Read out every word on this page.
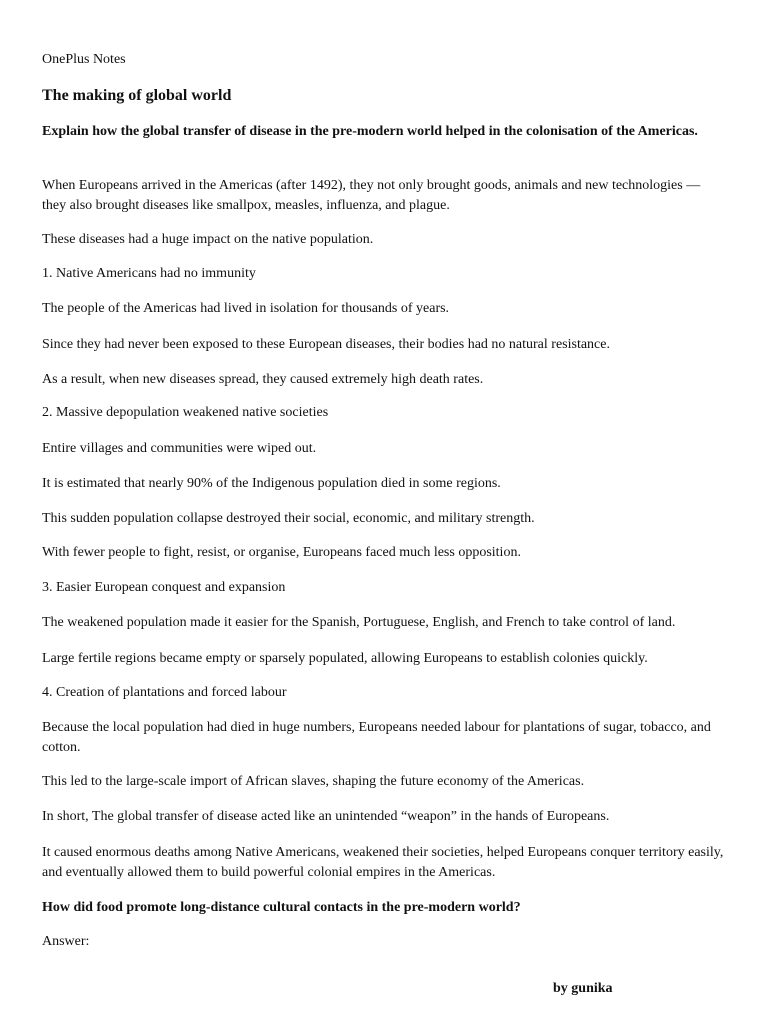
OnePlus Notes

The making of global world

Explain how the global transfer of disease in the pre-modern world helped in the colonisation of the Americas.

When Europeans arrived in the Americas (after 1492), they not only brought goods, animals and new technologies — they also brought diseases like smallpox, measles, influenza, and plague.

These diseases had a huge impact on the native population.

1. Native Americans had no immunity

The people of the Americas had lived in isolation for thousands of years.

Since they had never been exposed to these European diseases, their bodies had no natural resistance.

As a result, when new diseases spread, they caused extremely high death rates.

2. Massive depopulation weakened native societies

Entire villages and communities were wiped out.

It is estimated that nearly 90% of the Indigenous population died in some regions.

This sudden population collapse destroyed their social, economic, and military strength.

With fewer people to fight, resist, or organise, Europeans faced much less opposition.

3. Easier European conquest and expansion

The weakened population made it easier for the Spanish, Portuguese, English, and French to take control of land.

Large fertile regions became empty or sparsely populated, allowing Europeans to establish colonies quickly.

4. Creation of plantations and forced labour

Because the local population had died in huge numbers, Europeans needed labour for plantations of sugar, tobacco, and cotton.

This led to the large-scale import of African slaves, shaping the future economy of the Americas.

In short, The global transfer of disease acted like an unintended “weapon” in the hands of Europeans.

It caused enormous deaths among Native Americans, weakened their societies, helped Europeans conquer territory easily, and eventually allowed them to build powerful colonial empires in the Americas.

How did food promote long-distance cultural contacts in the pre-modern world?

Answer:

by gunika
